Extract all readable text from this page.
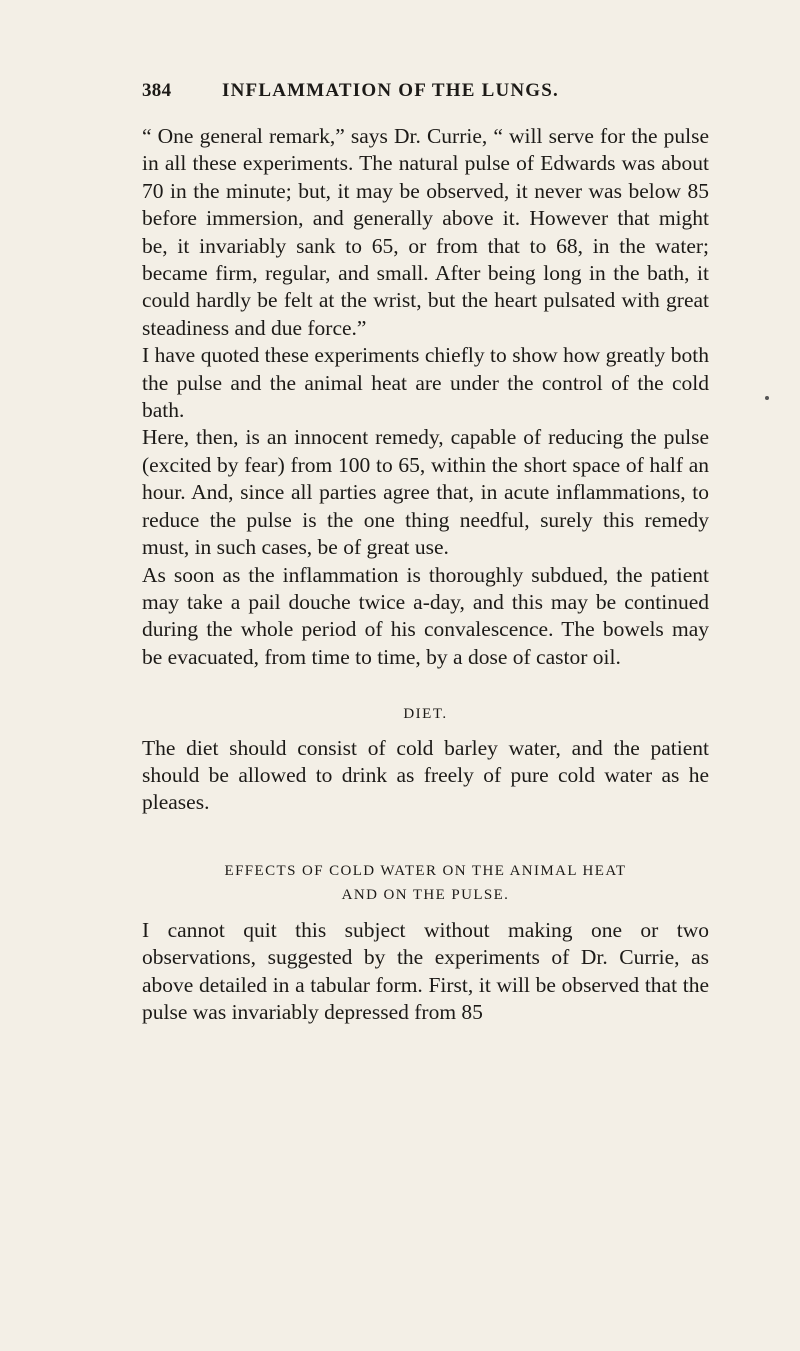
384	INFLAMMATION OF THE LUNGS.

“ One general remark,” says Dr. Currie, “ will serve for the pulse in all these experiments. The natural pulse of Edwards was about 70 in the minute; but, it may be observed, it never was below 85 before immersion, and generally above it. However that might be, it invariably sank to 65, or from that to 68, in the water; became firm, regular, and small. After being long in the bath, it could hardly be felt at the wrist, but the heart pulsated with great steadiness and due force.”

I have quoted these experiments chiefly to show how greatly both the pulse and the animal heat are under the control of the cold bath.

Here, then, is an innocent remedy, capable of reducing the pulse (excited by fear) from 100 to 65, within the short space of half an hour. And, since all parties agree that, in acute inflammations, to reduce the pulse is the one thing needful, surely this remedy must, in such cases, be of great use.

As soon as the inflammation is thoroughly subdued, the patient may take a pail douche twice a-day, and this may be continued during the whole period of his convalescence. The bowels may be evacuated, from time to time, by a dose of castor oil.

DIET.

The diet should consist of cold barley water, and the patient should be allowed to drink as freely of pure cold water as he pleases.

EFFECTS OF COLD WATER ON THE ANIMAL HEAT
AND ON THE PULSE.

I cannot quit this subject without making one or two observations, suggested by the experiments of Dr. Currie, as above detailed in a tabular form. First, it will be observed that the pulse was invariably depressed from 85
